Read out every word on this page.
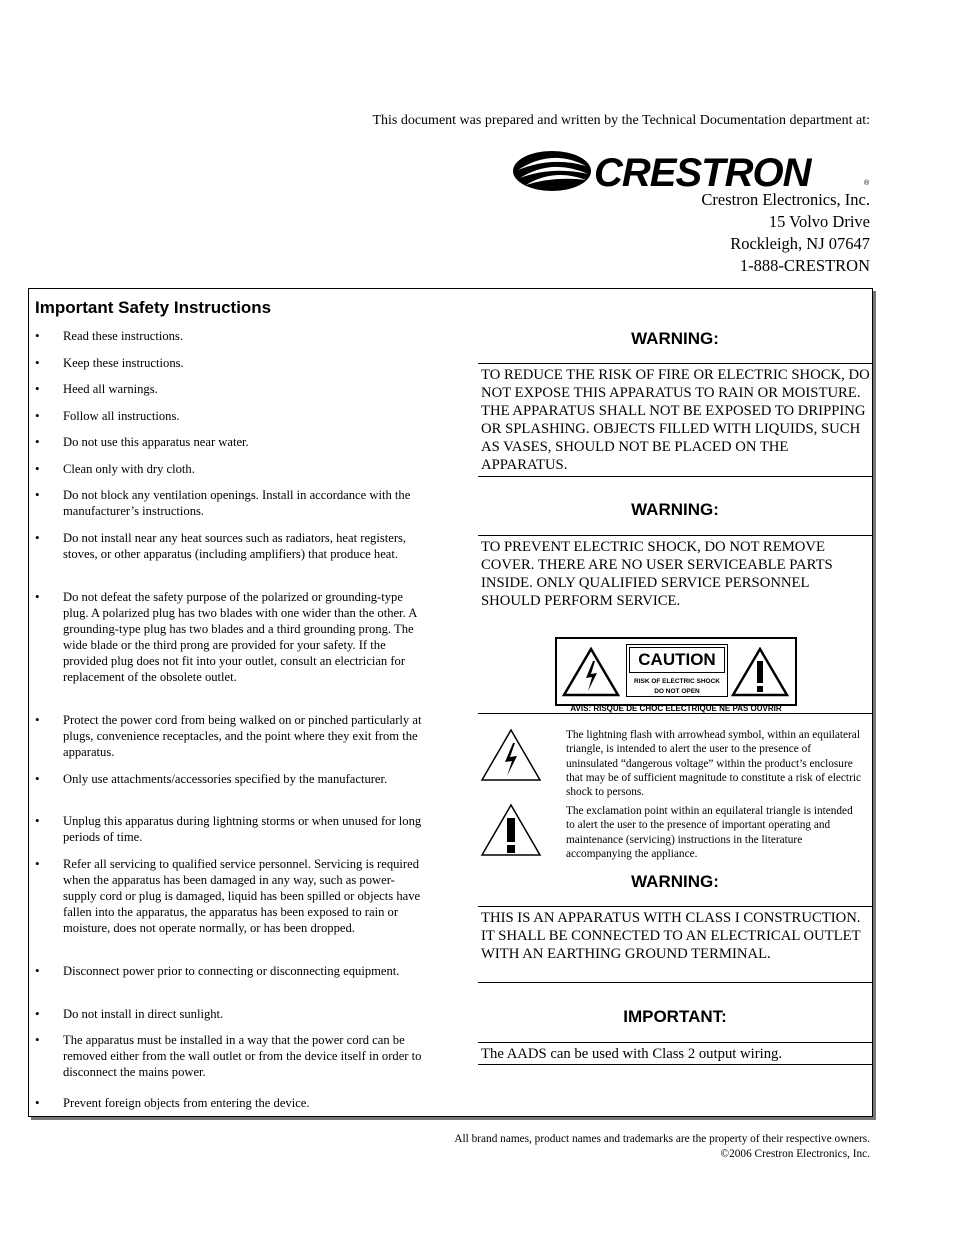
This document was prepared and written by the Technical Documentation department at:
CRESTRON	®
Crestron Electronics, Inc.
15 Volvo Drive
Rockleigh, NJ 07647
1-888-CRESTRON
Important Safety Instructions
• Read these instructions.
• Keep these instructions.
• Heed all warnings.
• Follow all instructions.
• Do not use this apparatus near water.
• Clean only with dry cloth.
• Do not block any ventilation openings. Install in accordance with the manufacturer’s instructions.
• Do not install near any heat sources such as radiators, heat registers, stoves, or other apparatus (including amplifiers) that produce heat.
• Do not defeat the safety purpose of the polarized or grounding-type plug. A polarized plug has two blades with one wider than the other. A grounding-type plug has two blades and a third grounding prong. The wide blade or the third prong are provided for your safety. If the provided plug does not fit into your outlet, consult an electrician for replacement of the obsolete outlet.
• Protect the power cord from being walked on or pinched particularly at plugs, convenience receptacles, and the point where they exit from the apparatus.
• Only use attachments/accessories specified by the manufacturer.
• Unplug this apparatus during lightning storms or when unused for long periods of time.
• Refer all servicing to qualified service personnel. Servicing is required when the apparatus has been damaged in any way, such as power-supply cord or plug is damaged, liquid has been spilled or objects have fallen into the apparatus, the apparatus has been exposed to rain or moisture, does not operate normally, or has been dropped.
• Disconnect power prior to connecting or disconnecting equipment.
• Do not install in direct sunlight.
• The apparatus must be installed in a way that the power cord can be removed either from the wall outlet or from the device itself in order to disconnect the mains power.
• Prevent foreign objects from entering the device.
WARNING:
TO REDUCE THE RISK OF FIRE OR ELECTRIC SHOCK, DO NOT EXPOSE THIS APPARATUS TO RAIN OR MOISTURE. THE APPARATUS SHALL NOT BE EXPOSED TO DRIPPING OR SPLASHING. OBJECTS FILLED WITH LIQUIDS, SUCH AS VASES, SHOULD NOT BE PLACED ON THE APPARATUS.
WARNING:
TO PREVENT ELECTRIC SHOCK, DO NOT REMOVE COVER. THERE ARE NO USER SERVICEABLE PARTS INSIDE. ONLY QUALIFIED SERVICE PERSONNEL SHOULD PERFORM SERVICE.
CAUTION
RISK OF ELECTRIC SHOCK
DO NOT OPEN
AVIS: RISQUE DE CHOC ELECTRIQUE NE PAS OUVRIR
The lightning flash with arrowhead symbol, within an equilateral triangle, is intended to alert the user to the presence of uninsulated “dangerous voltage” within the product’s enclosure that may be of sufficient magnitude to constitute a risk of electric shock to persons.
The exclamation point within an equilateral triangle is intended to alert the user to the presence of important operating and maintenance (servicing) instructions in the literature accompanying the appliance.
WARNING:
THIS IS AN APPARATUS WITH CLASS I CONSTRUCTION. IT SHALL BE CONNECTED TO AN ELECTRICAL OUTLET WITH AN EARTHING GROUND TERMINAL.
IMPORTANT:
The AADS can be used with Class 2 output wiring.
All brand names, product names and trademarks are the property of their respective owners.
©2006 Crestron Electronics, Inc.
